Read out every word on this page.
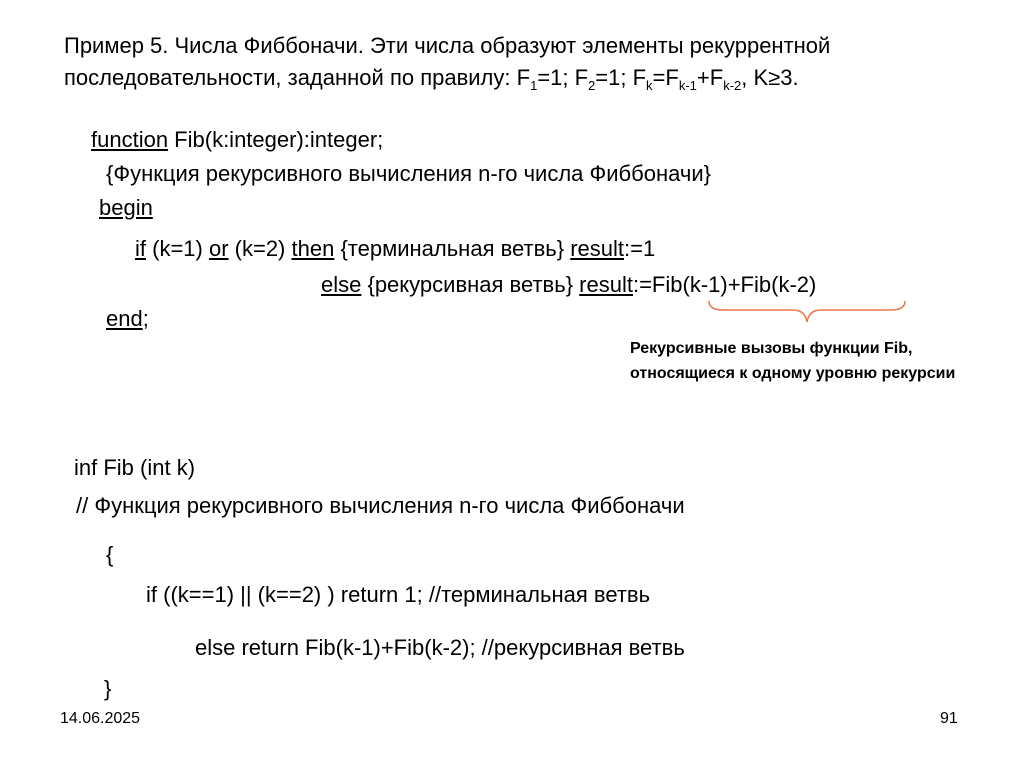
Пример 5. Числа Фиббоначи. Эти числа образуют элементы рекуррентной
последовательности, заданной по правилу: $F_1=1$; $F_2=1$; $F_k=F_{k-1}+F_{k-2}$, K≥3.
function Fib(k:integer):integer;
{Функция рекурсивного вычисления n-го числа Фиббоначи}
begin
if (k=1) or (k=2) then {терминальная ветвь} result:=1
else {рекурсивная ветвь} result:=Fib(k-1)+Fib(k-2)
end;
Рекурсивные вызовы функции Fib,
относящиеся к одному уровню рекурсии
inf Fib (int k)
// Функция рекурсивного вычисления n-го числа Фиббоначи
{
if ((k==1) || (k==2) ) return 1; //терминальная ветвь
else return Fib(k-1)+Fib(k-2); //рекурсивная ветвь
}
14.06.2025	91
